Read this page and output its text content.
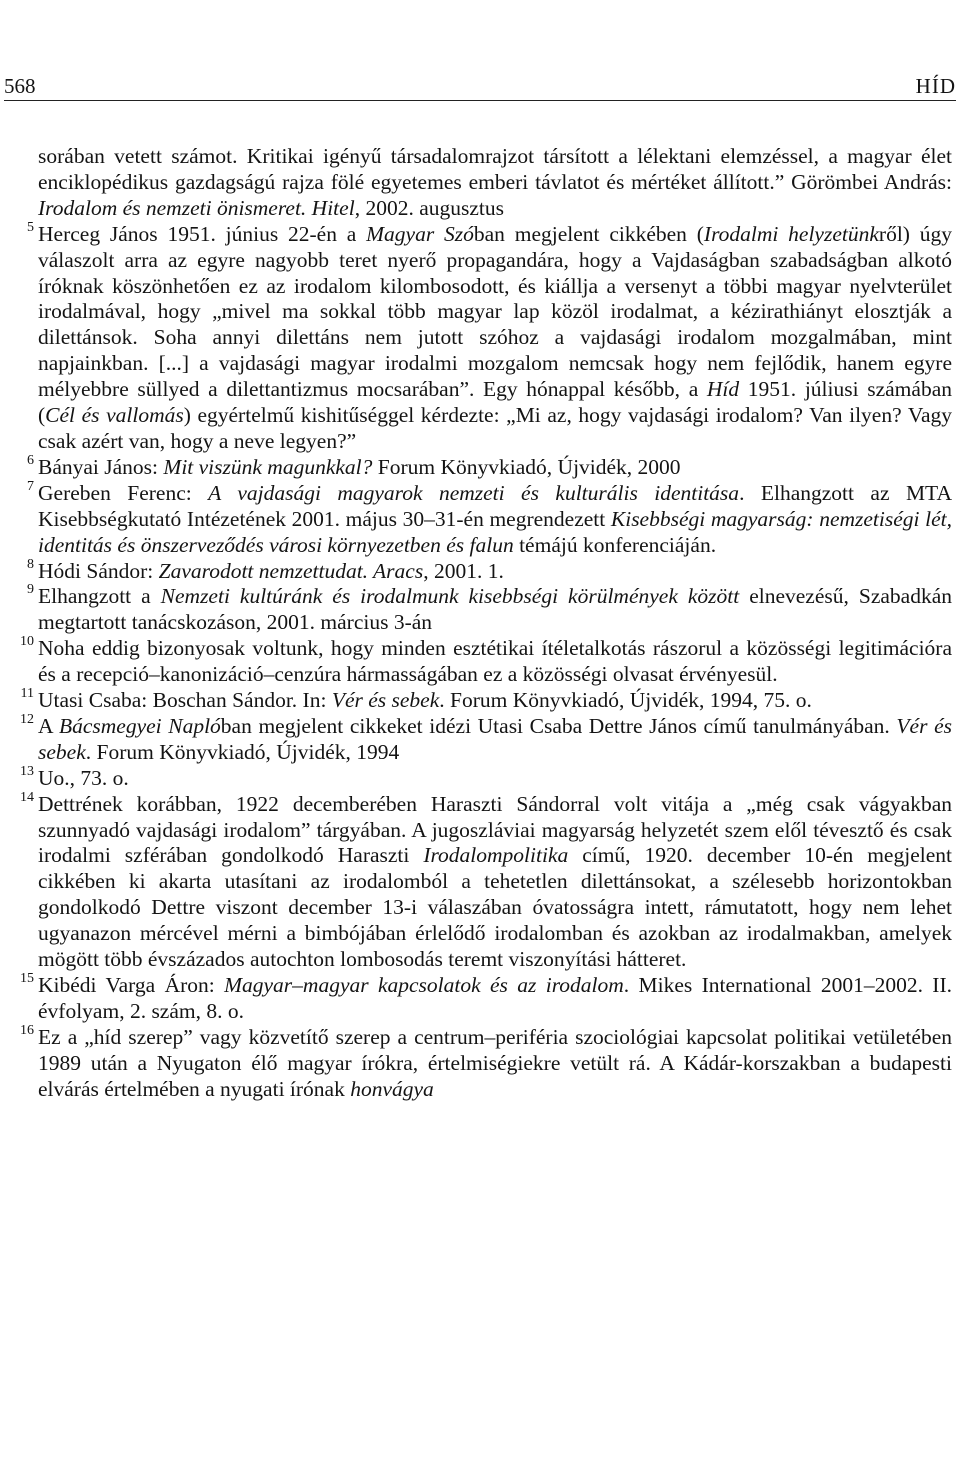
568	HÍD

sorában vetett számot. Kritikai igényű társadalomrajzot társított a lélektani elemzéssel, a magyar élet enciklopédikus gazdagságú rajza fölé egyetemes emberi távlatot és mértéket állított.” Görömbei András: Irodalom és nemzeti önismeret. Hitel, 2002. augusztus

5 Herceg János 1951. június 22-én a Magyar Szóban megjelent cikkében (Irodalmi helyzetünkről) úgy válaszolt arra az egyre nagyobb teret nyerő propagandára, hogy a Vajdaságban szabadságban alkotó íróknak köszönhetően ez az irodalom kilombosodott, és kiállja a versenyt a többi magyar nyelvterület irodalmával, hogy „mivel ma sokkal több magyar lap közöl irodalmat, a kézirathiányt elosztják a dilettánsok. Soha annyi dilettáns nem jutott szóhoz a vajdasági irodalom mozgalmában, mint napjainkban. [...] a vajdasági magyar irodalmi mozgalom nemcsak hogy nem fejlődik, hanem egyre mélyebbre süllyed a dilettantizmus mocsarában”. Egy hónappal később, a Híd 1951. júliusi számában (Cél és vallomás) egyértelmű kishitűséggel kérdezte: „Mi az, hogy vajdasági irodalom? Van ilyen? Vagy csak azért van, hogy a neve legyen?”

6 Bányai János: Mit viszünk magunkkal? Forum Könyvkiadó, Újvidék, 2000

7 Gereben Ferenc: A vajdasági magyarok nemzeti és kulturális identitása. Elhangzott az MTA Kisebbségkutató Intézetének 2001. május 30–31-én megrendezett Kisebbségi magyarság: nemzetiségi lét, identitás és önszerveződés városi környezetben és falun témájú konferenciáján.

8 Hódi Sándor: Zavarodott nemzettudat. Aracs, 2001. 1.

9 Elhangzott a Nemzeti kultúránk és irodalmunk kisebbségi körülmények között elnevezésű, Szabadkán megtartott tanácskozáson, 2001. március 3-án

10 Noha eddig bizonyosak voltunk, hogy minden esztétikai ítéletalkotás rászorul a közösségi legitimációra és a recepció–kanonizáció–cenzúra hármasságában ez a közösségi olvasat érvényesül.

11 Utasi Csaba: Boschan Sándor. In: Vér és sebek. Forum Könyvkiadó, Újvidék, 1994, 75. o.

12 A Bácsmegyei Naplóban megjelent cikkeket idézi Utasi Csaba Dettre János című tanulmányában. Vér és sebek. Forum Könyvkiadó, Újvidék, 1994

13 Uo., 73. o.

14 Dettrének korábban, 1922 decemberében Haraszti Sándorral volt vitája a „még csak vágyakban szunnyadó vajdasági irodalom” tárgyában. A jugoszláviai magyarság helyzetét szem elől tévesztő és csak irodalmi szférában gondolkodó Haraszti Irodalompolitika című, 1920. december 10-én megjelent cikkében ki akarta utasítani az irodalomból a tehetetlen dilettánsokat, a szélesebb horizontokban gondolkodó Dettre viszont december 13-i válaszában óvatosságra intett, rámutatott, hogy nem lehet ugyanazon mércével mérni a bimbójában érlelődő irodalomban és azokban az irodalmakban, amelyek mögött több évszázados autochton lombosodás teremt viszonyítási hátteret.

15 Kibédi Varga Áron: Magyar–magyar kapcsolatok és az irodalom. Mikes International 2001–2002. II. évfolyam, 2. szám, 8. o.

16 Ez a „híd szerep” vagy közvetítő szerep a centrum–periféria szociológiai kapcsolat politikai vetületében 1989 után a Nyugaton élő magyar írókra, értelmiségiekre vetült rá. A Kádár-korszakban a budapesti elvárás értelmében a nyugati írónak honvágya
